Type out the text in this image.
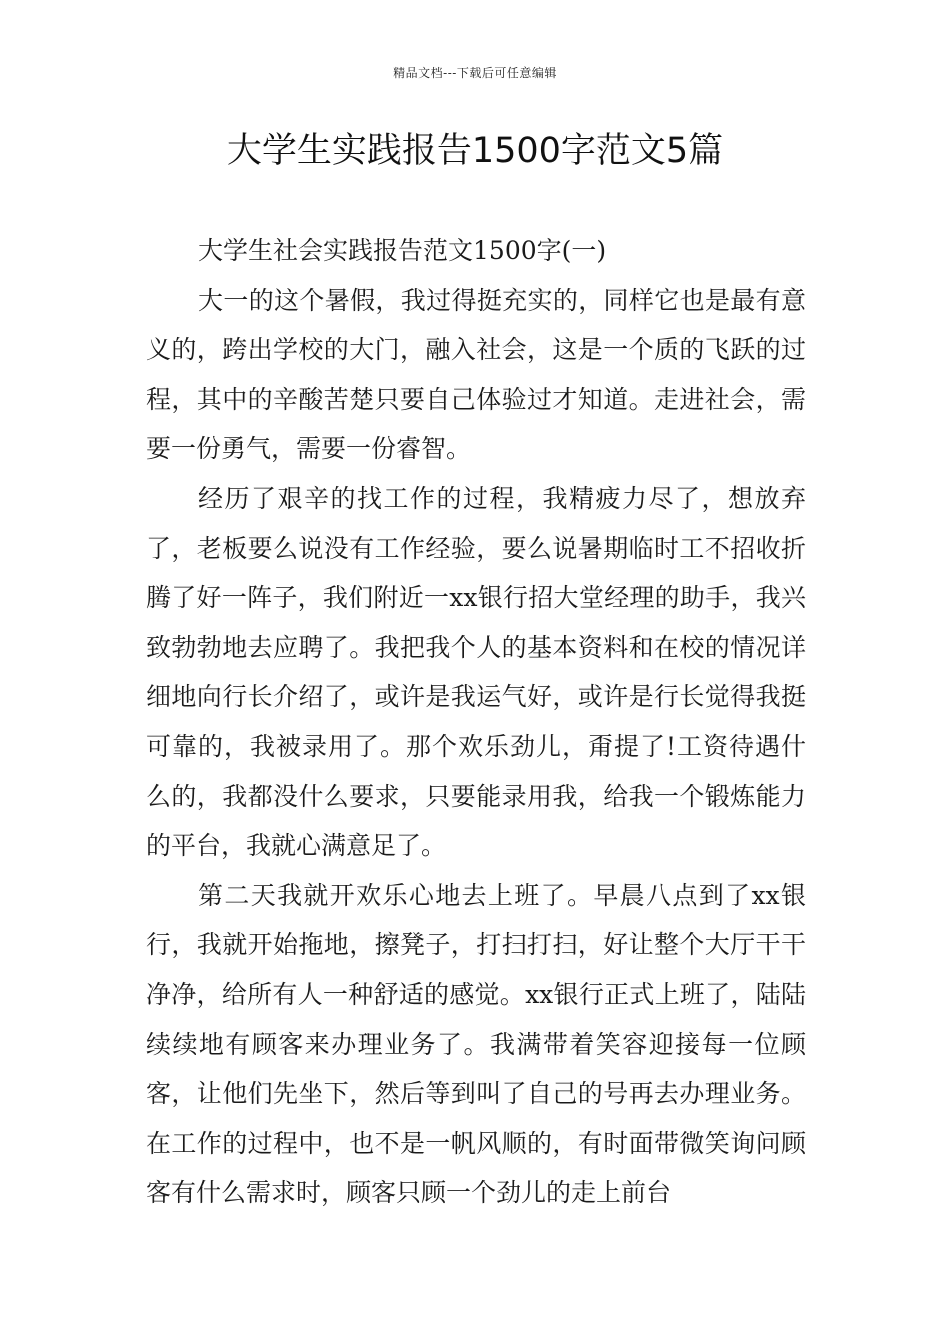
精品文档---下载后可任意编辑
大学生实践报告1500字范文5篇

大学生社会实践报告范文1500字(一)

大一的这个暑假，我过得挺充实的，同样它也是最有意义的，跨出学校的大门，融入社会，这是一个质的飞跃的过程，其中的辛酸苦楚只要自己体验过才知道。走进社会，需要一份勇气，需要一份睿智。

经历了艰辛的找工作的过程，我精疲力尽了，想放弃了，老板要么说没有工作经验，要么说暑期临时工不招收折腾了好一阵子，我们附近一xx银行招大堂经理的助手，我兴致勃勃地去应聘了。我把我个人的基本资料和在校的情况详细地向行长介绍了，或许是我运气好，或许是行长觉得我挺可靠的，我被录用了。那个欢乐劲儿，甭提了!工资待遇什么的，我都没什么要求，只要能录用我，给我一个锻炼能力的平台，我就心满意足了。

第二天我就开欢乐心地去上班了。早晨八点到了xx银行，我就开始拖地，擦凳子，打扫打扫，好让整个大厅干干净净，给所有人一种舒适的感觉。xx银行正式上班了，陆陆续续地有顾客来办理业务了。我满带着笑容迎接每一位顾客，让他们先坐下，然后等到叫了自己的号再去办理业务。在工作的过程中，也不是一帆风顺的，有时面带微笑询问顾客有什么需求时，顾客只顾一个劲儿的走上前台
